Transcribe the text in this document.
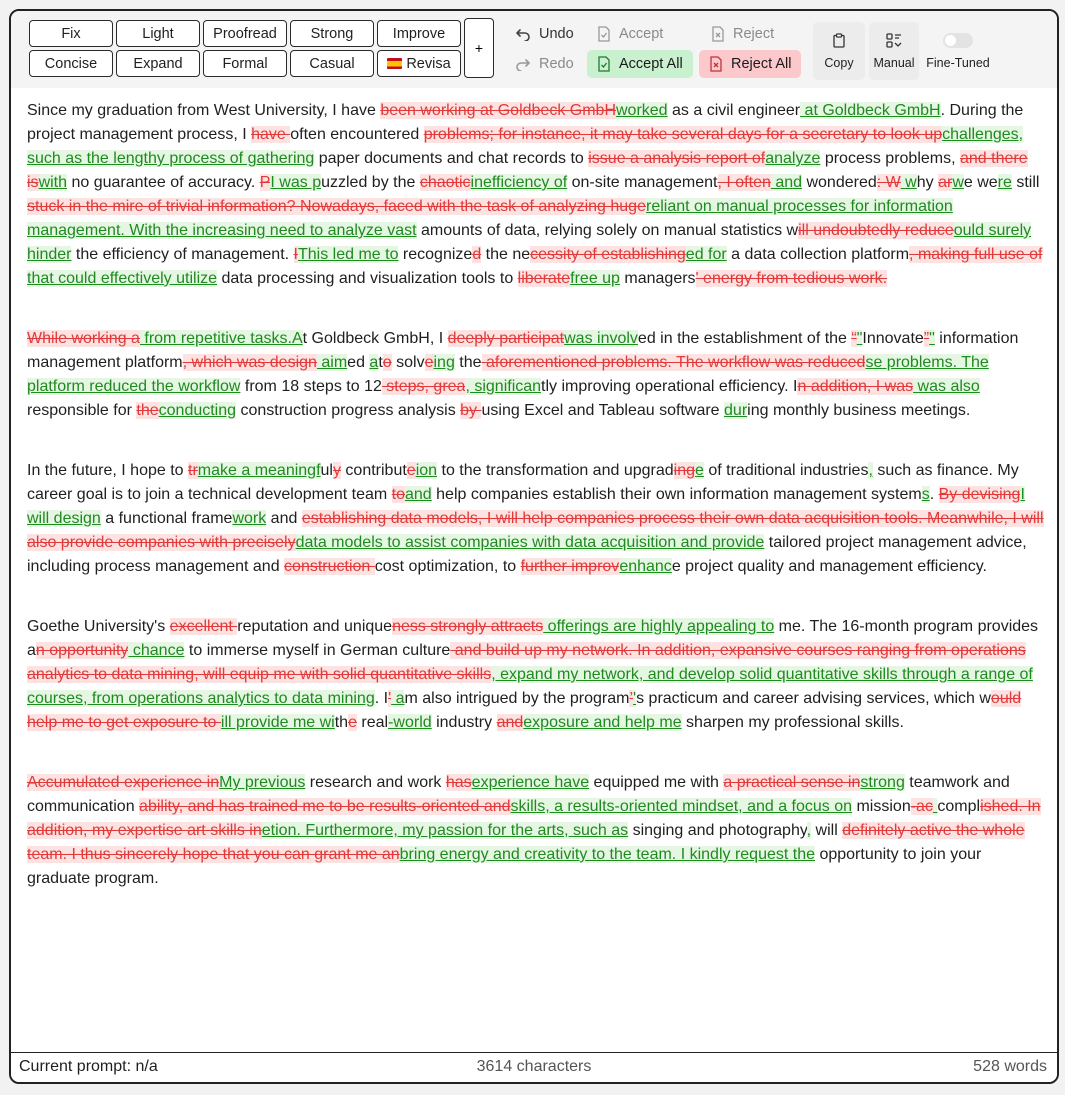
Fix	Light	Proofread	Strong	Improve
Concise	Expand	Formal	Casual	Revisa
+
Undo
Redo
Accept
Accept All
Reject
Reject All	Copy Manual Fine-Tuned

Since my graduation from West University, I have been working at Goldbeck GmbHworked as a civil engineer at Goldbeck GmbH. During the project management process, I have often encountered problems; for instance, it may take several days for a secretary to look upchallenges, such as the lengthy process of gathering paper documents and chat records to issue a analysis report ofanalyze process problems, and there iswith no guarantee of accuracy. PI was puzzled by the chaoticinefficiency of on-site management, I often and wondered: W why arwe were still stuck in the mire of trivial information? Nowadays, faced with the task of analyzing hugereliant on manual processes for information management. With the increasing need to analyze vast amounts of data, relying solely on manual statistics will undoubtedly reduceould surely hinder the efficiency of management. IThis led me to recognized the necessity of establishinged for a data collection platform, making full use of that could effectively utilize data processing and visualization tools to liberatefree up managers' energy from tedious work.

While working a from repetitive tasks.At Goldbeck GmbH, I deeply participatwas involved in the establishment of the “"Innovate”" information management platform, which was design aimed ato solveing the aforementioned problems. The workflow was reducedse problems. The platform reduced the workflow from 18 steps to 12 steps, grea, significantly improving operational efficiency. In addition, I was was also responsible for theconducting construction progress analysis by using Excel and Tableau software during monthly business meetings.

In the future, I hope to trmake a meaningfuly contributeion to the transformation and upgradinge of traditional industries, such as finance. My career goal is to join a technical development team toand help companies establish their own information management systems. By devisingI will design a functional framework and establishing data models, I will help companies process their own data acquisition tools. Meanwhile, I will also provide companies with preciselydata models to assist companies with data acquisition and provide tailored project management advice, including process management and construction cost optimization, to further improvenhance project quality and management efficiency.

Goethe University's excellent reputation and uniqueness strongly attracts offerings are highly appealing to me. The 16-month program provides an opportunity chance to immerse myself in German culture and build up my network. In addition, expansive courses ranging from operations analytics to data mining, will equip me with solid quantitative skills, expand my network, and develop solid quantitative skills through a range of courses, from operations analytics to data mining. I' am also intrigued by the program’'s practicum and career advising services, which would help me to get exposure to ill provide me withe real-world industry andexposure and help me sharpen my professional skills.

Accumulated experience inMy previous research and work hasexperience have equipped me with a practical sense instrong teamwork and communication ability, and has trained me to be results-oriented andskills, a results-oriented mindset, and a focus on mission-ac complished. In addition, my expertise art skills inetion. Furthermore, my passion for the arts, such as singing and photography, will definitely active the whole team. I thus sincerely hope that you can grant me anbring energy and creativity to the team. I kindly request the opportunity to join your graduate program.

Current prompt: n/a	3614 characters	528 words
